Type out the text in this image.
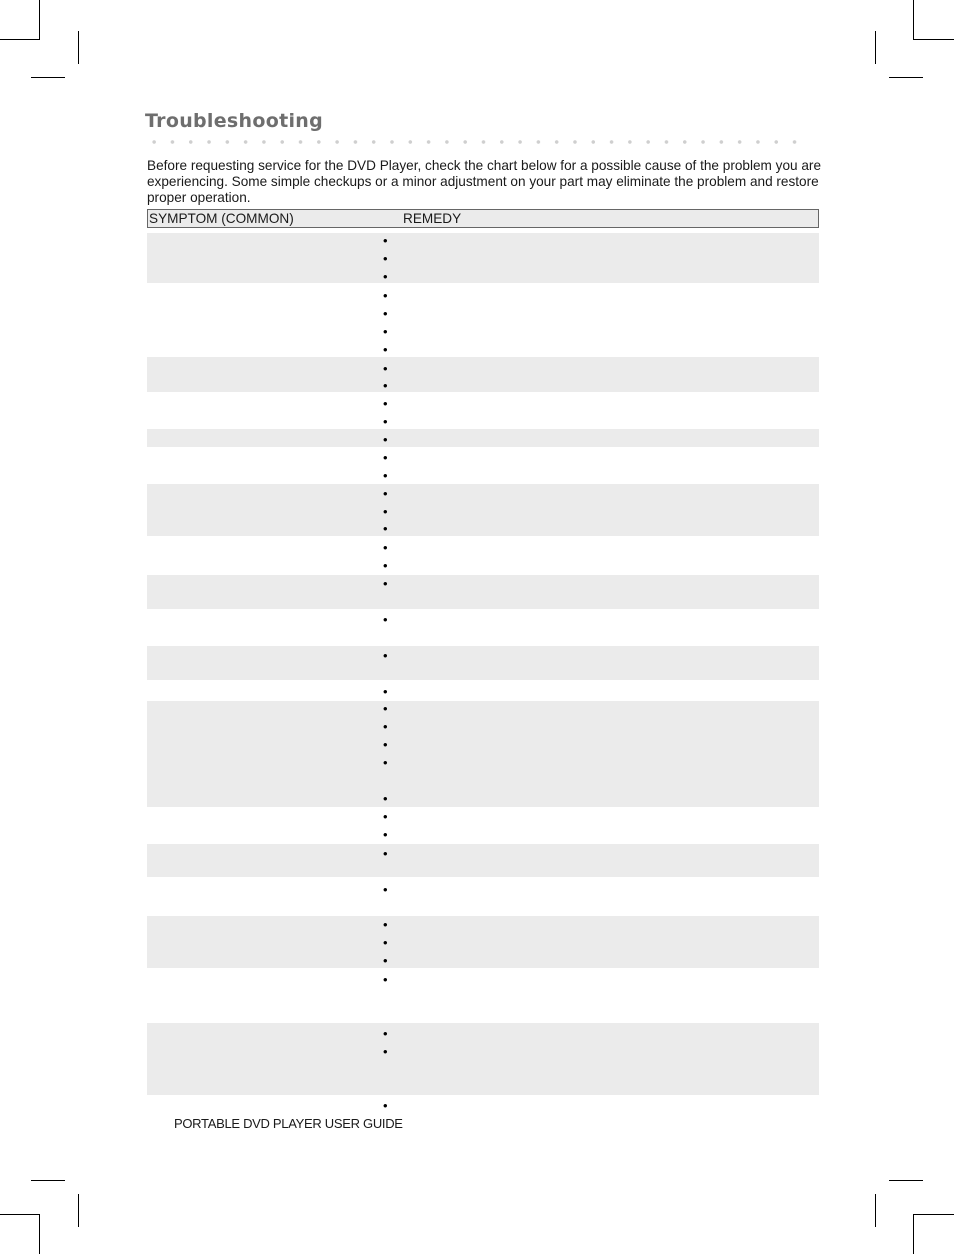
Troubleshooting
Before requesting service for the DVD Player, check the chart below for a possible cause of the problem you are experiencing. Some simple checkups or a minor adjustment on your part may eliminate the problem and restore proper operation.
SYMPTOM (COMMON)	REMEDY
•
•
•
•
•
•
•
•
•
•
•
•
•
•
•
•
•
•
•
•
•
•
•
•
•
•
•
•
•
•
•
•
•
•
•
•
•
•
•
PORTABLE DVD PLAYER USER GUIDE
